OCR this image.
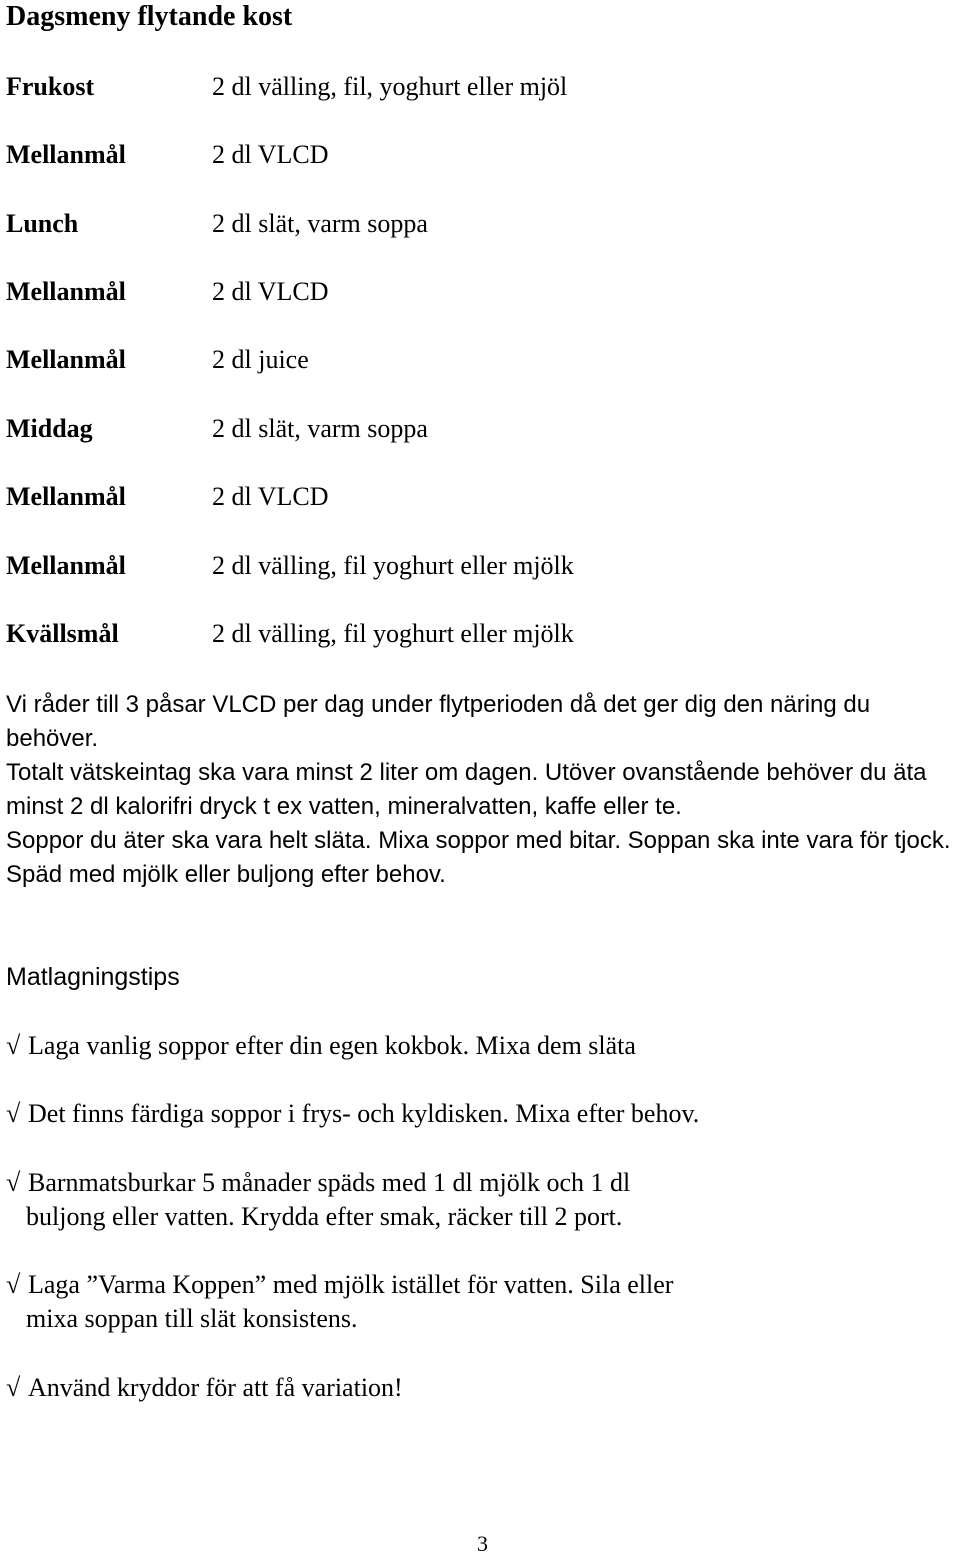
Dagsmeny flytande kost
Frukost	2 dl välling, fil, yoghurt eller mjöl
Mellanmål	2 dl VLCD
Lunch	2 dl slät, varm soppa
Mellanmål	2 dl VLCD
Mellanmål	2 dl juice
Middag	2 dl slät, varm soppa
Mellanmål	2 dl VLCD
Mellanmål	2 dl välling, fil yoghurt eller mjölk
Kvällsmål	2 dl välling, fil yoghurt eller mjölk

Vi råder till 3 påsar VLCD per dag under flytperioden då det ger dig den näring du behöver.

Totalt vätskeintag ska vara minst 2 liter om dagen. Utöver ovanstående behöver du äta minst 2 dl kalorifri dryck t ex vatten, mineralvatten, kaffe eller te.

Soppor du äter ska vara helt släta. Mixa soppor med bitar. Soppan ska inte vara för tjock. Späd med mjölk eller buljong efter behov.

Matlagningstips
√ Laga vanlig soppor efter din egen kokbok. Mixa dem släta
√ Det finns färdiga soppor i frys- och kyldisken. Mixa efter behov.
√ Barnmatsburkar 5 månader späds med 1 dl mjölk och 1 dl
buljong eller vatten. Krydda efter smak, räcker till 2 port.
√ Laga ”Varma Koppen” med mjölk istället för vatten. Sila eller
mixa soppan till slät konsistens.
√ Använd kryddor för att få variation!
3
